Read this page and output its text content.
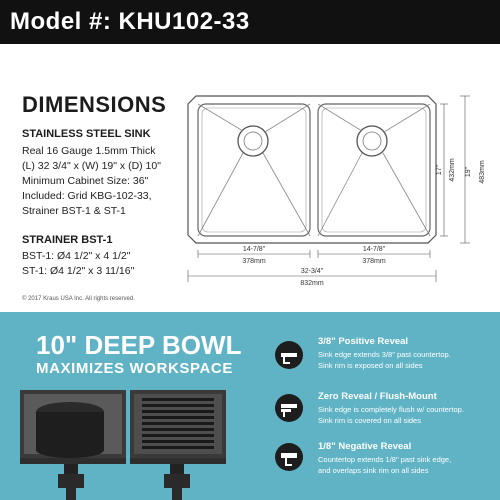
Model #: KHU102-33
DIMENSIONS
STAINLESS STEEL SINK
Real 16 Gauge 1.5mm Thick
(L) 32 3/4" x (W) 19" x (D) 10"
Minimum Cabinet Size: 36"
Included: Grid KBG-102-33,
Strainer BST-1 & ST-1
STRAINER BST-1
BST-1: Ø4 1/2" x 4 1/2"
ST-1: Ø4 1/2" x 3 11/16"
© 2017 Kraus USA Inc. All rights reserved.
14-7/8"
378mm
14-7/8"
378mm
32-3/4"
832mm
17" 432mm 19" 483mm
10" DEEP BOWL
MAXIMIZES WORKSPACE
3/8" Positive Reveal
Sink edge extends 3/8" past countertop.
Sink rim is exposed on all sides
Zero Reveal / Flush-Mount
Sink edge is completely flush w/ countertop.
Sink rim is covered on all sides
1/8" Negative Reveal
Countertop extends 1/8" past sink edge,
and overlaps sink rim on all sides
